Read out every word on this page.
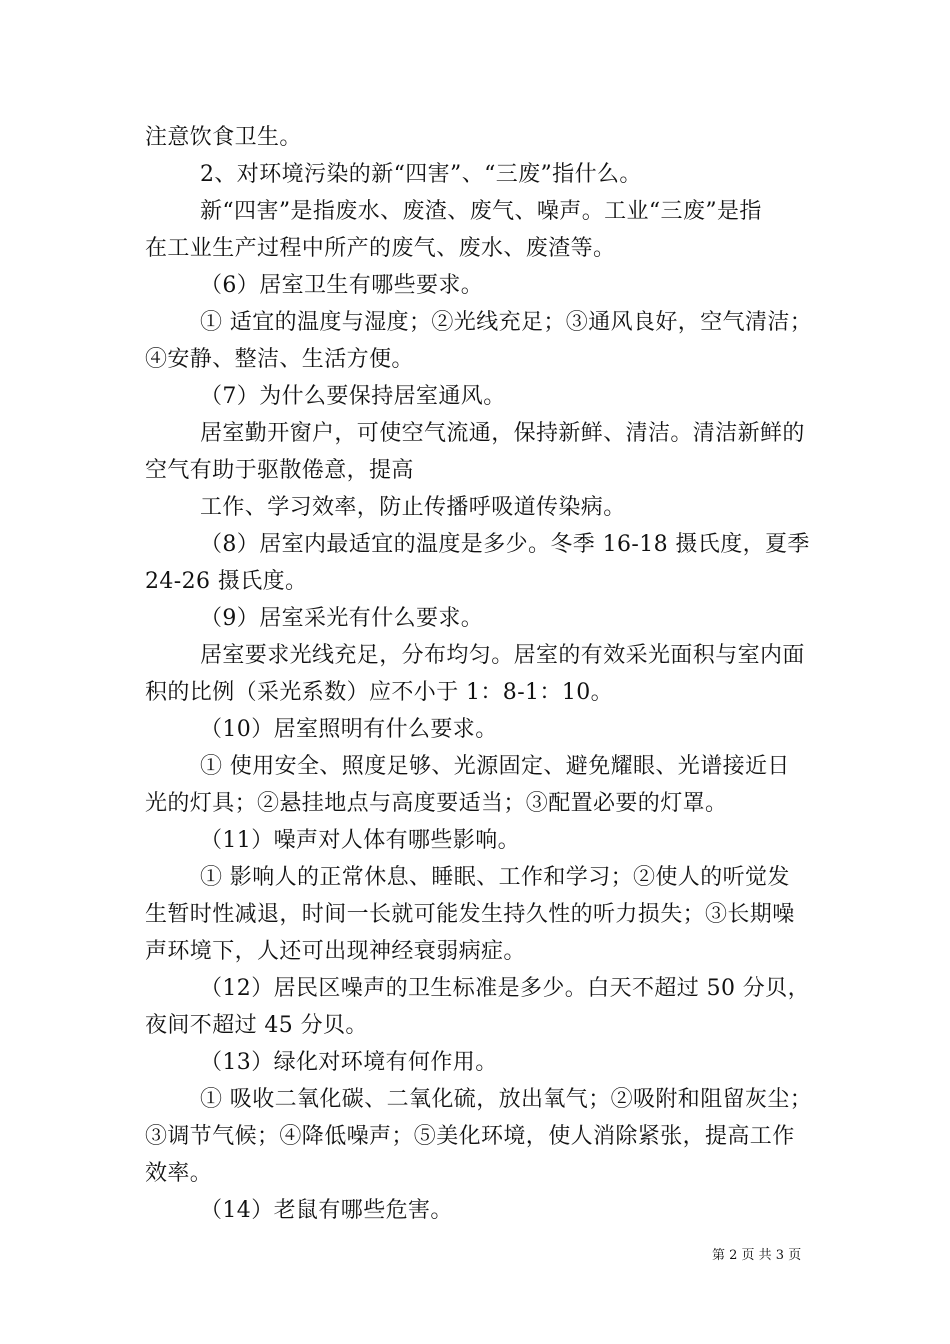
注意饮食卫生。
2、对环境污染的新“四害”、“三废”指什么。
新“四害”是指废水、废渣、废气、噪声。工业“三废”是指
在工业生产过程中所产的废气、废水、废渣等。
（6）居室卫生有哪些要求。
① 适宜的温度与湿度；②光线充足；③通风良好，空气清洁；
④安静、整洁、生活方便。
（7）为什么要保持居室通风。
居室勤开窗户，可使空气流通，保持新鲜、清洁。清洁新鲜的
空气有助于驱散倦意，提高
工作、学习效率，防止传播呼吸道传染病。
（8）居室内最适宜的温度是多少。冬季 16-18 摄氏度，夏季
24-26 摄氏度。
（9）居室采光有什么要求。
居室要求光线充足，分布均匀。居室的有效采光面积与室内面
积的比例（采光系数）应不小于 1：8-1：10。
（10）居室照明有什么要求。
① 使用安全、照度足够、光源固定、避免耀眼、光谱接近日
光的灯具；②悬挂地点与高度要适当；③配置必要的灯罩。
（11）噪声对人体有哪些影响。
① 影响人的正常休息、睡眠、工作和学习；②使人的听觉发
生暂时性减退，时间一长就可能发生持久性的听力损失；③长期噪
声环境下，人还可出现神经衰弱病症。
（12）居民区噪声的卫生标准是多少。白天不超过 50 分贝，
夜间不超过 45 分贝。
（13）绿化对环境有何作用。
① 吸收二氧化碳、二氧化硫，放出氧气；②吸附和阻留灰尘；
③调节气候；④降低噪声；⑤美化环境，使人消除紧张，提高工作
效率。
（14）老鼠有哪些危害。
第 2 页 共 3 页
